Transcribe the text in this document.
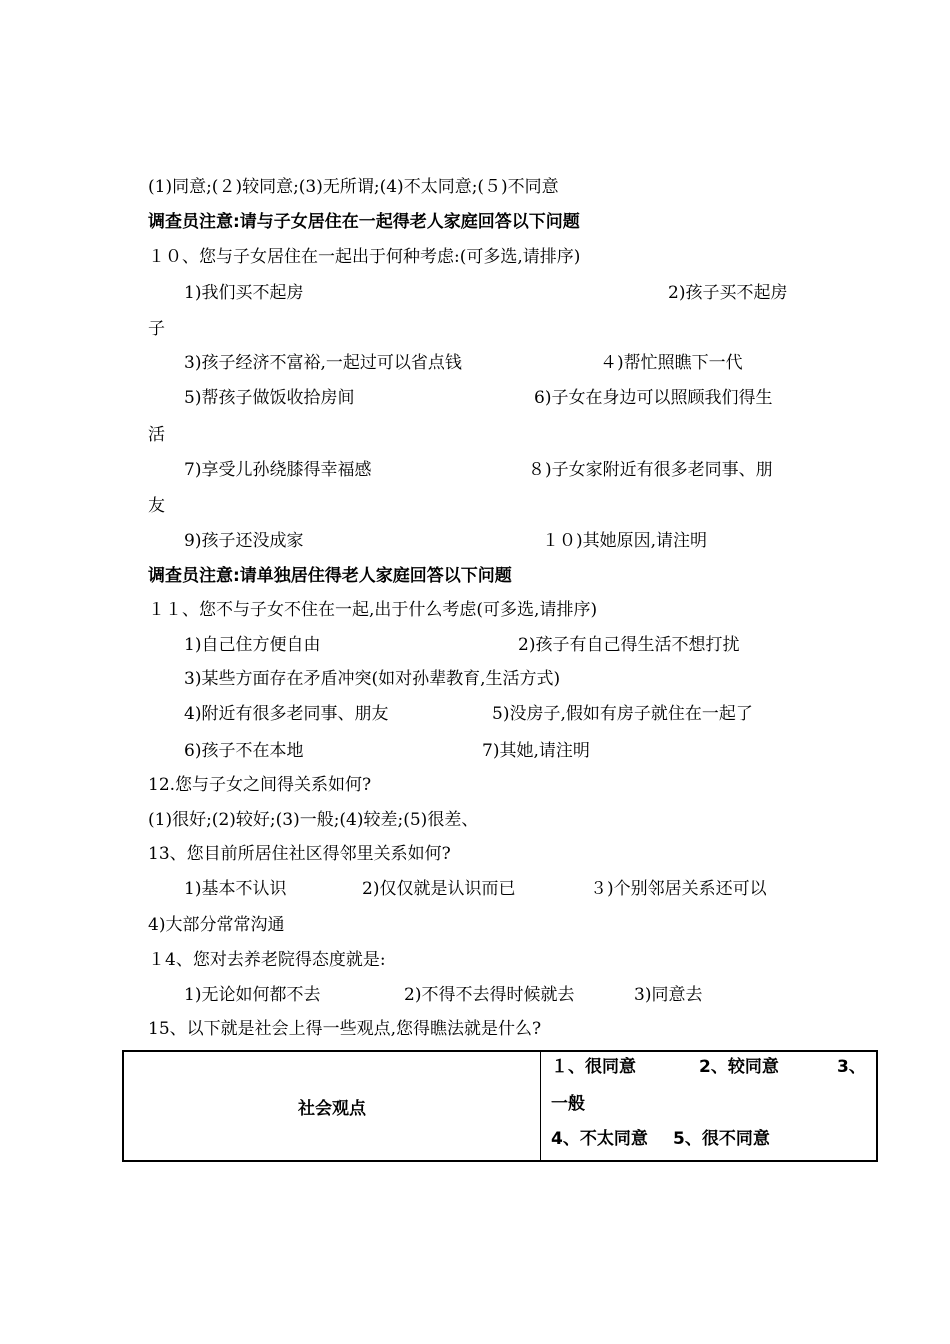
(1)同意;(２)较同意;(3)无所谓;(4)不太同意;(５)不同意
调查员注意:请与子女居住在一起得老人家庭回答以下问题
１０、您与子女居住在一起出于何种考虑:(可多选,请排序)
1)我们买不起房	2)孩子买不起房
子
3)孩子经济不富裕,一起过可以省点钱	４)帮忙照瞧下一代
5)帮孩子做饭收拾房间	6)子女在身边可以照顾我们得生
活
7)享受儿孙绕膝得幸福感	８)子女家附近有很多老同事、朋
友
9)孩子还没成家	１０)其她原因,请注明
调查员注意:请单独居住得老人家庭回答以下问题
１１、您不与子女不住在一起,出于什么考虑(可多选,请排序)
1)自己住方便自由	2)孩子有自己得生活不想打扰
3)某些方面存在矛盾冲突(如对孙辈教育,生活方式)
4)附近有很多老同事、朋友	5)没房子,假如有房子就住在一起了
6)孩子不在本地	7)其她,请注明
12.您与子女之间得关系如何?
(1)很好;(2)较好;(3)一般;(4)较差;(5)很差、
13、您目前所居住社区得邻里关系如何?
1)基本不认识	2)仅仅就是认识而已	３)个别邻居关系还可以
4)大部分常常沟通
１4、您对去养老院得态度就是:
1)无论如何都不去	2)不得不去得时候就去	3)同意去
15、以下就是社会上得一些观点,您得瞧法就是什么?
社会观点	
１、很同意	2、较同意	3、
一般
4、不太同意 5、很不同意
